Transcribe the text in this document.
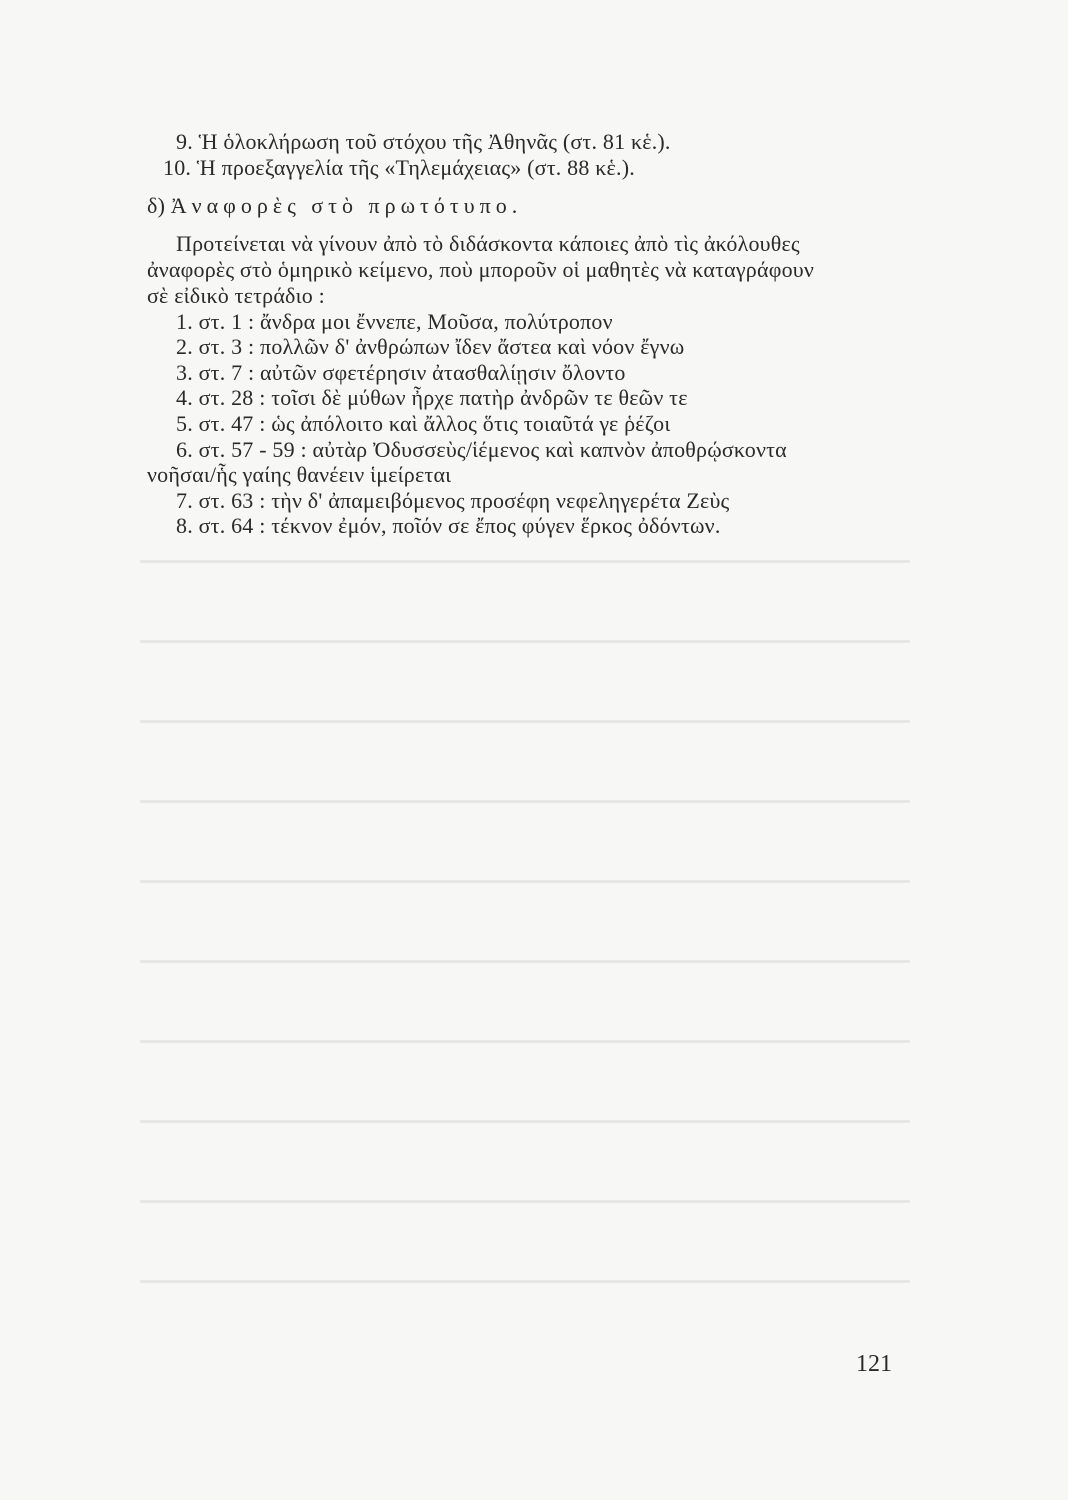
9. Ἡ ὁλοκλήρωση τοῦ στόχου τῆς Ἀθηνᾶς (στ. 81 κἑ.).
10. Ἡ προεξαγγελία τῆς «Τηλεμάχειας» (στ. 88 κἑ.).
δ) Ἀναφορὲς στὸ πρωτότυπο.
Προτείνεται νὰ γίνουν ἀπὸ τὸ διδάσκοντα κάποιες ἀπὸ τὶς ἀκόλουθες
ἀναφορὲς στὸ ὁμηρικὸ κείμενο, ποὺ μποροῦν οἱ μαθητὲς νὰ καταγράφουν
σὲ εἰδικὸ τετράδιο :
1. στ. 1 : ἄνδρα μοι ἔννεπε, Μοῦσα, πολύτροπον
2. στ. 3 : πολλῶν δ' ἀνθρώπων ἴδεν ἄστεα καὶ νόον ἔγνω
3. στ. 7 : αὐτῶν σφετέρησιν ἀτασθαλίῃσιν ὄλοντο
4. στ. 28 : τοῖσι δὲ μύθων ἦρχε πατὴρ ἀνδρῶν τε θεῶν τε
5. στ. 47 : ὡς ἀπόλοιτο καὶ ἄλλος ὅτις τοιαῦτά γε ῥέζοι
6. στ. 57 - 59 : αὐτὰρ Ὀδυσσεὺς/ἱέμενος καὶ καπνὸν ἀποθρῴσκοντα
νοῆσαι/ἧς γαίης θανέειν ἱμείρεται
7. στ. 63 : τὴν δ' ἀπαμειβόμενος προσέφη νεφεληγερέτα Ζεὺς
8. στ. 64 : τέκνον ἐμόν, ποῖόν σε ἔπος φύγεν ἕρκος ὀδόντων.
121
